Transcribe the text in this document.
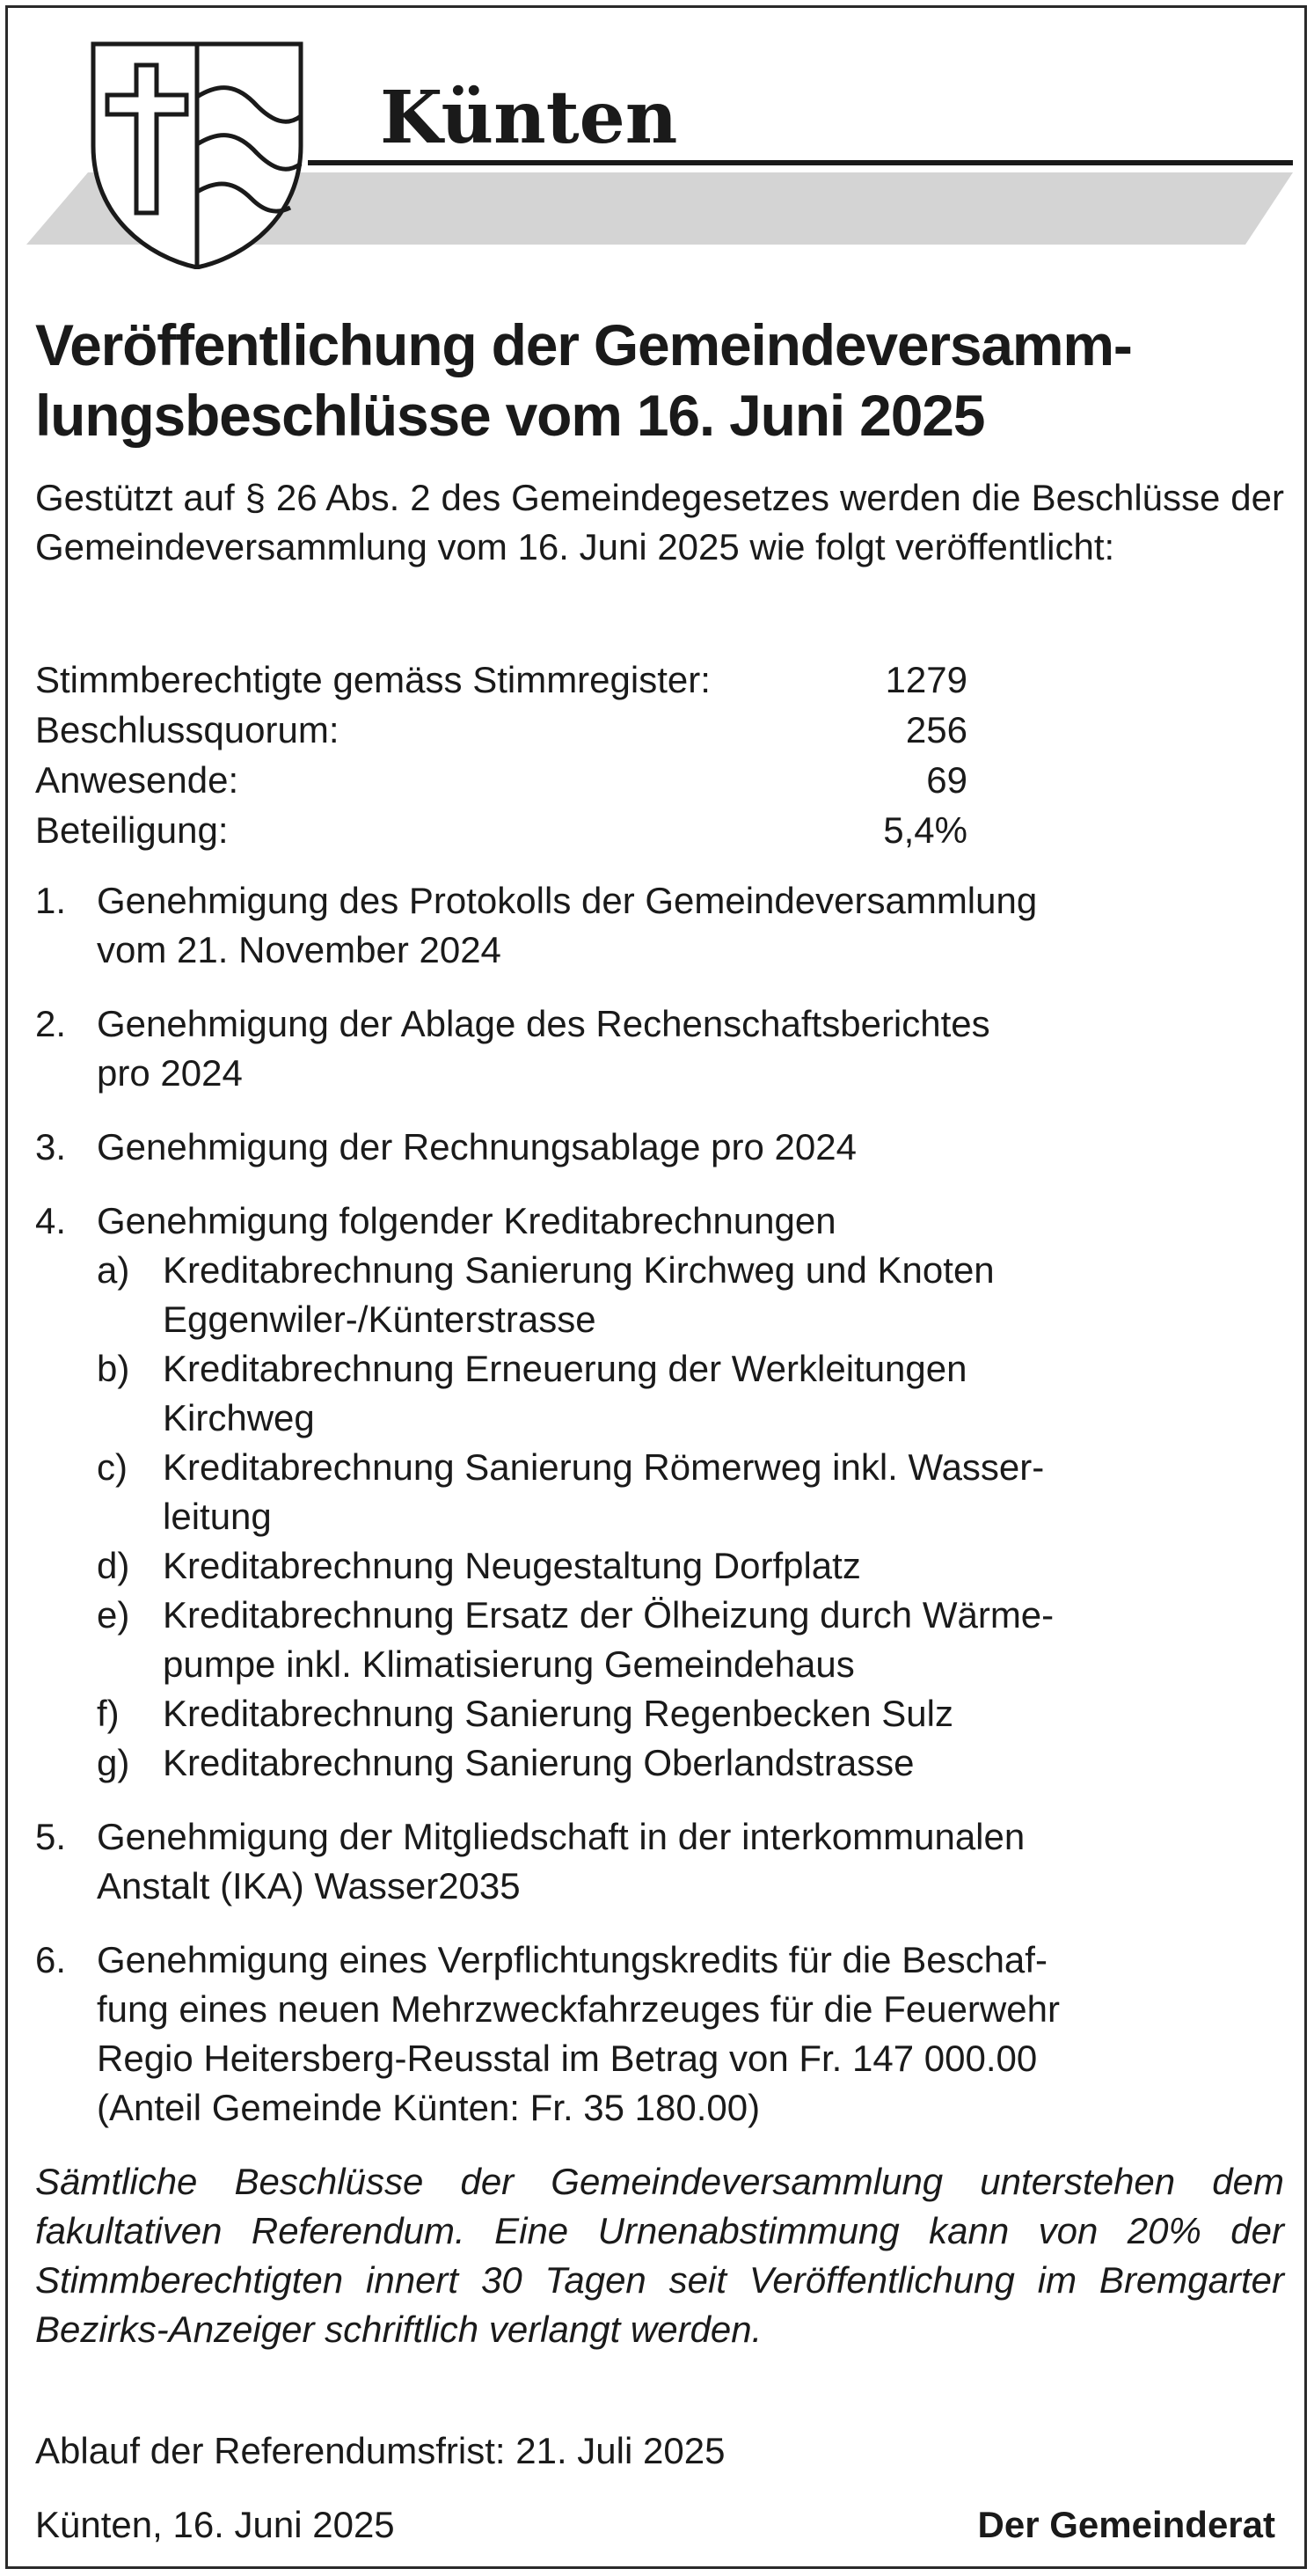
Künten
Veröffentlichung der Gemeindeversamm-
lungsbeschlüsse vom 16. Juni 2025
Gestützt auf § 26 Abs. 2 des Gemeindegesetzes werden die Beschlüsse der Gemeindeversammlung vom 16. Juni 2025 wie folgt veröffentlicht:
Stimmberechtigte gemäss Stimmregister:	1279
Beschlussquorum:	256
Anwesende:	69
Beteiligung:	5,4%
1. Genehmigung des Protokolls der Gemeindeversammlung
vom 21. November 2024
2. Genehmigung der Ablage des Rechenschaftsberichtes
pro 2024
3. Genehmigung der Rechnungsablage pro 2024
4. Genehmigung folgender Kreditabrechnungen
a) Kreditabrechnung Sanierung Kirchweg und Knoten
Eggenwiler-/Künterstrasse
b) Kreditabrechnung Erneuerung der Werkleitungen
Kirchweg
c) Kreditabrechnung Sanierung Römerweg inkl. Wasser-
leitung
d) Kreditabrechnung Neugestaltung Dorfplatz
e) Kreditabrechnung Ersatz der Ölheizung durch Wärme-
pumpe inkl. Klimatisierung Gemeindehaus
f)	Kreditabrechnung Sanierung Regenbecken Sulz
g) Kreditabrechnung Sanierung Oberlandstrasse
5. Genehmigung der Mitgliedschaft in der interkommunalen
Anstalt (IKA) Wasser2035
6. Genehmigung eines Verpflichtungskredits für die Beschaf-
fung eines neuen Mehrzweckfahrzeuges für die Feuerwehr
Regio Heitersberg-Reusstal im Betrag von Fr. 147 000.00
(Anteil Gemeinde Künten: Fr. 35 180.00)
Sämtliche Beschlüsse der Gemeindeversammlung unterstehen dem fakultativen Referendum. Eine Urnenabstimmung kann von 20% der Stimmberechtigten innert 30 Tagen seit Veröffentlichung im Bremgarter Bezirks-Anzeiger schriftlich verlangt werden.
Ablauf der Referendumsfrist: 21. Juli 2025
Künten, 16. Juni 2025	Der Gemeinderat
